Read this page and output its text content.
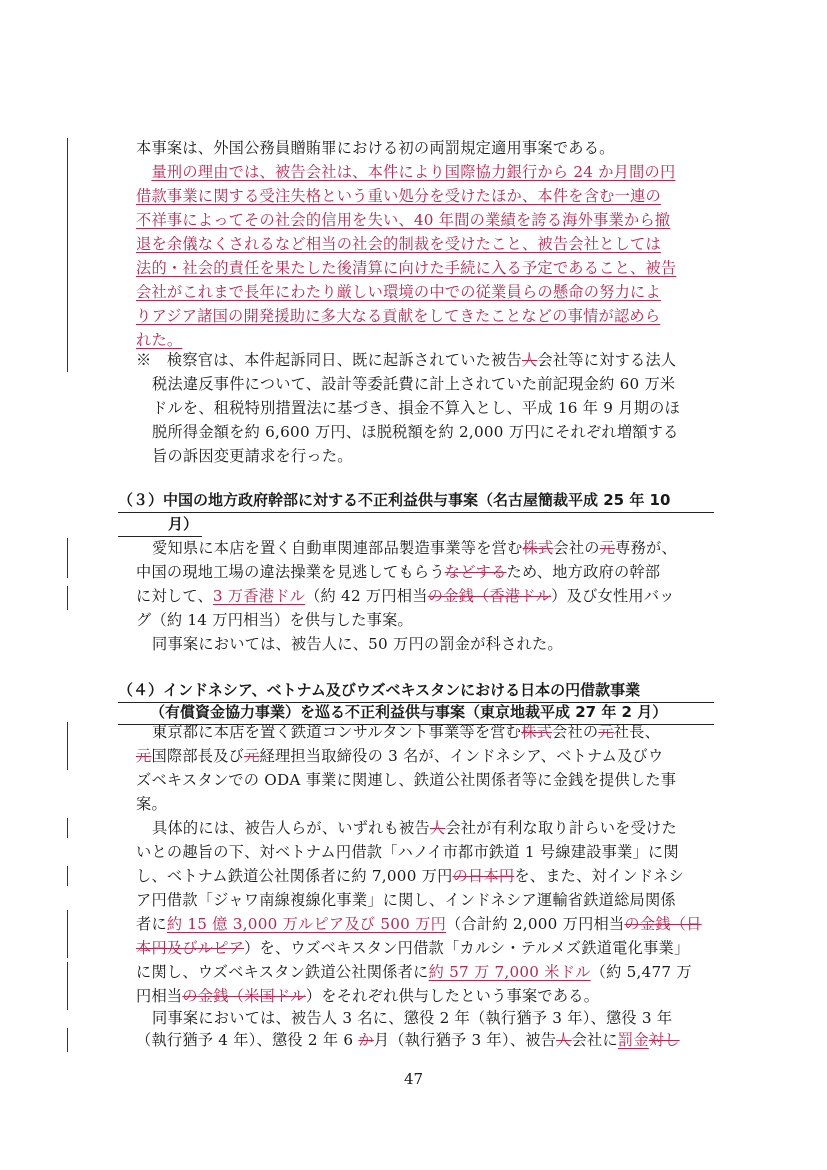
本事案は、外国公務員贈賄罪における初の両罰規定適用事案である。
　量刑の理由では、被告会社は、本件により国際協力銀行から 24 か月間の円
借款事業に関する受注失格という重い処分を受けたほか、本件を含む一連の
不祥事によってその社会的信用を失い、40 年間の業績を誇る海外事業から撤
退を余儀なくされるなど相当の社会的制裁を受けたこと、被告会社としては
法的・社会的責任を果たした後清算に向けた手続に入る予定であること、被告
会社がこれまで長年にわたり厳しい環境の中での従業員らの懸命の努力によ
りアジア諸国の開発援助に多大なる貢献をしてきたことなどの事情が認めら
れた。
※　検察官は、本件起訴同日、既に起訴されていた被告人会社等に対する法人
税法違反事件について、設計等委託費に計上されていた前記現金約 60 万米
ドルを、租税特別措置法に基づき、損金不算入とし、平成 16 年 9 月期のほ
脱所得金額を約 6,600 万円、ほ脱税額を約 2,000 万円にそれぞれ増額する
旨の訴因変更請求を行った。
愛知県に本店を置く自動車関連部品製造事業等を営む株式会社の元専務が、
中国の現地工場の違法操業を見逃してもらうなどするため、地方政府の幹部
に対して、3 万香港ドル（約 42 万円相当の金銭（香港ドル）及び女性用バッ
グ（約 14 万円相当）を供与した事案。
同事案においては、被告人に、50 万円の罰金が科された。
東京都に本店を置く鉄道コンサルタント事業等を営む株式会社の元社長、
元国際部長及び元経理担当取締役の 3 名が、インドネシア、ベトナム及びウ
ズベキスタンでの ODA 事業に関連し、鉄道公社関係者等に金銭を提供した事
案。
具体的には、被告人らが、いずれも被告人会社が有利な取り計らいを受けた
いとの趣旨の下、対ベトナム円借款「ハノイ市都市鉄道 1 号線建設事業」に関
し、ベトナム鉄道公社関係者に約 7,000 万円の日本円を、また、対インドネシ
ア円借款「ジャワ南線複線化事業」に関し、インドネシア運輸省鉄道総局関係
者に約 15 億 3,000 万ルピア及び 500 万円（合計約 2,000 万円相当の金銭（日
本円及びルピア）を、ウズベキスタン円借款「カルシ・テルメズ鉄道電化事業」
に関し、ウズベキスタン鉄道公社関係者に約 57 万 7,000 米ドル（約 5,477 万
円相当の金銭（米国ドル）をそれぞれ供与したという事案である。
同事案においては、被告人 3 名に、懲役 2 年（執行猶予 3 年）、懲役 3 年
（執行猶予 4 年）、懲役 2 年 6 か月（執行猶予 3 年）、被告人会社に罰金対し
（３）中国の地方政府幹部に対する不正利益供与事案（名古屋簡裁平成 25 年 10
月）
（４）インドネシア、ベトナム及びウズベキスタンにおける日本の円借款事業
（有償資金協力事業）を巡る不正利益供与事案（東京地裁平成 27 年 2 月）
47
